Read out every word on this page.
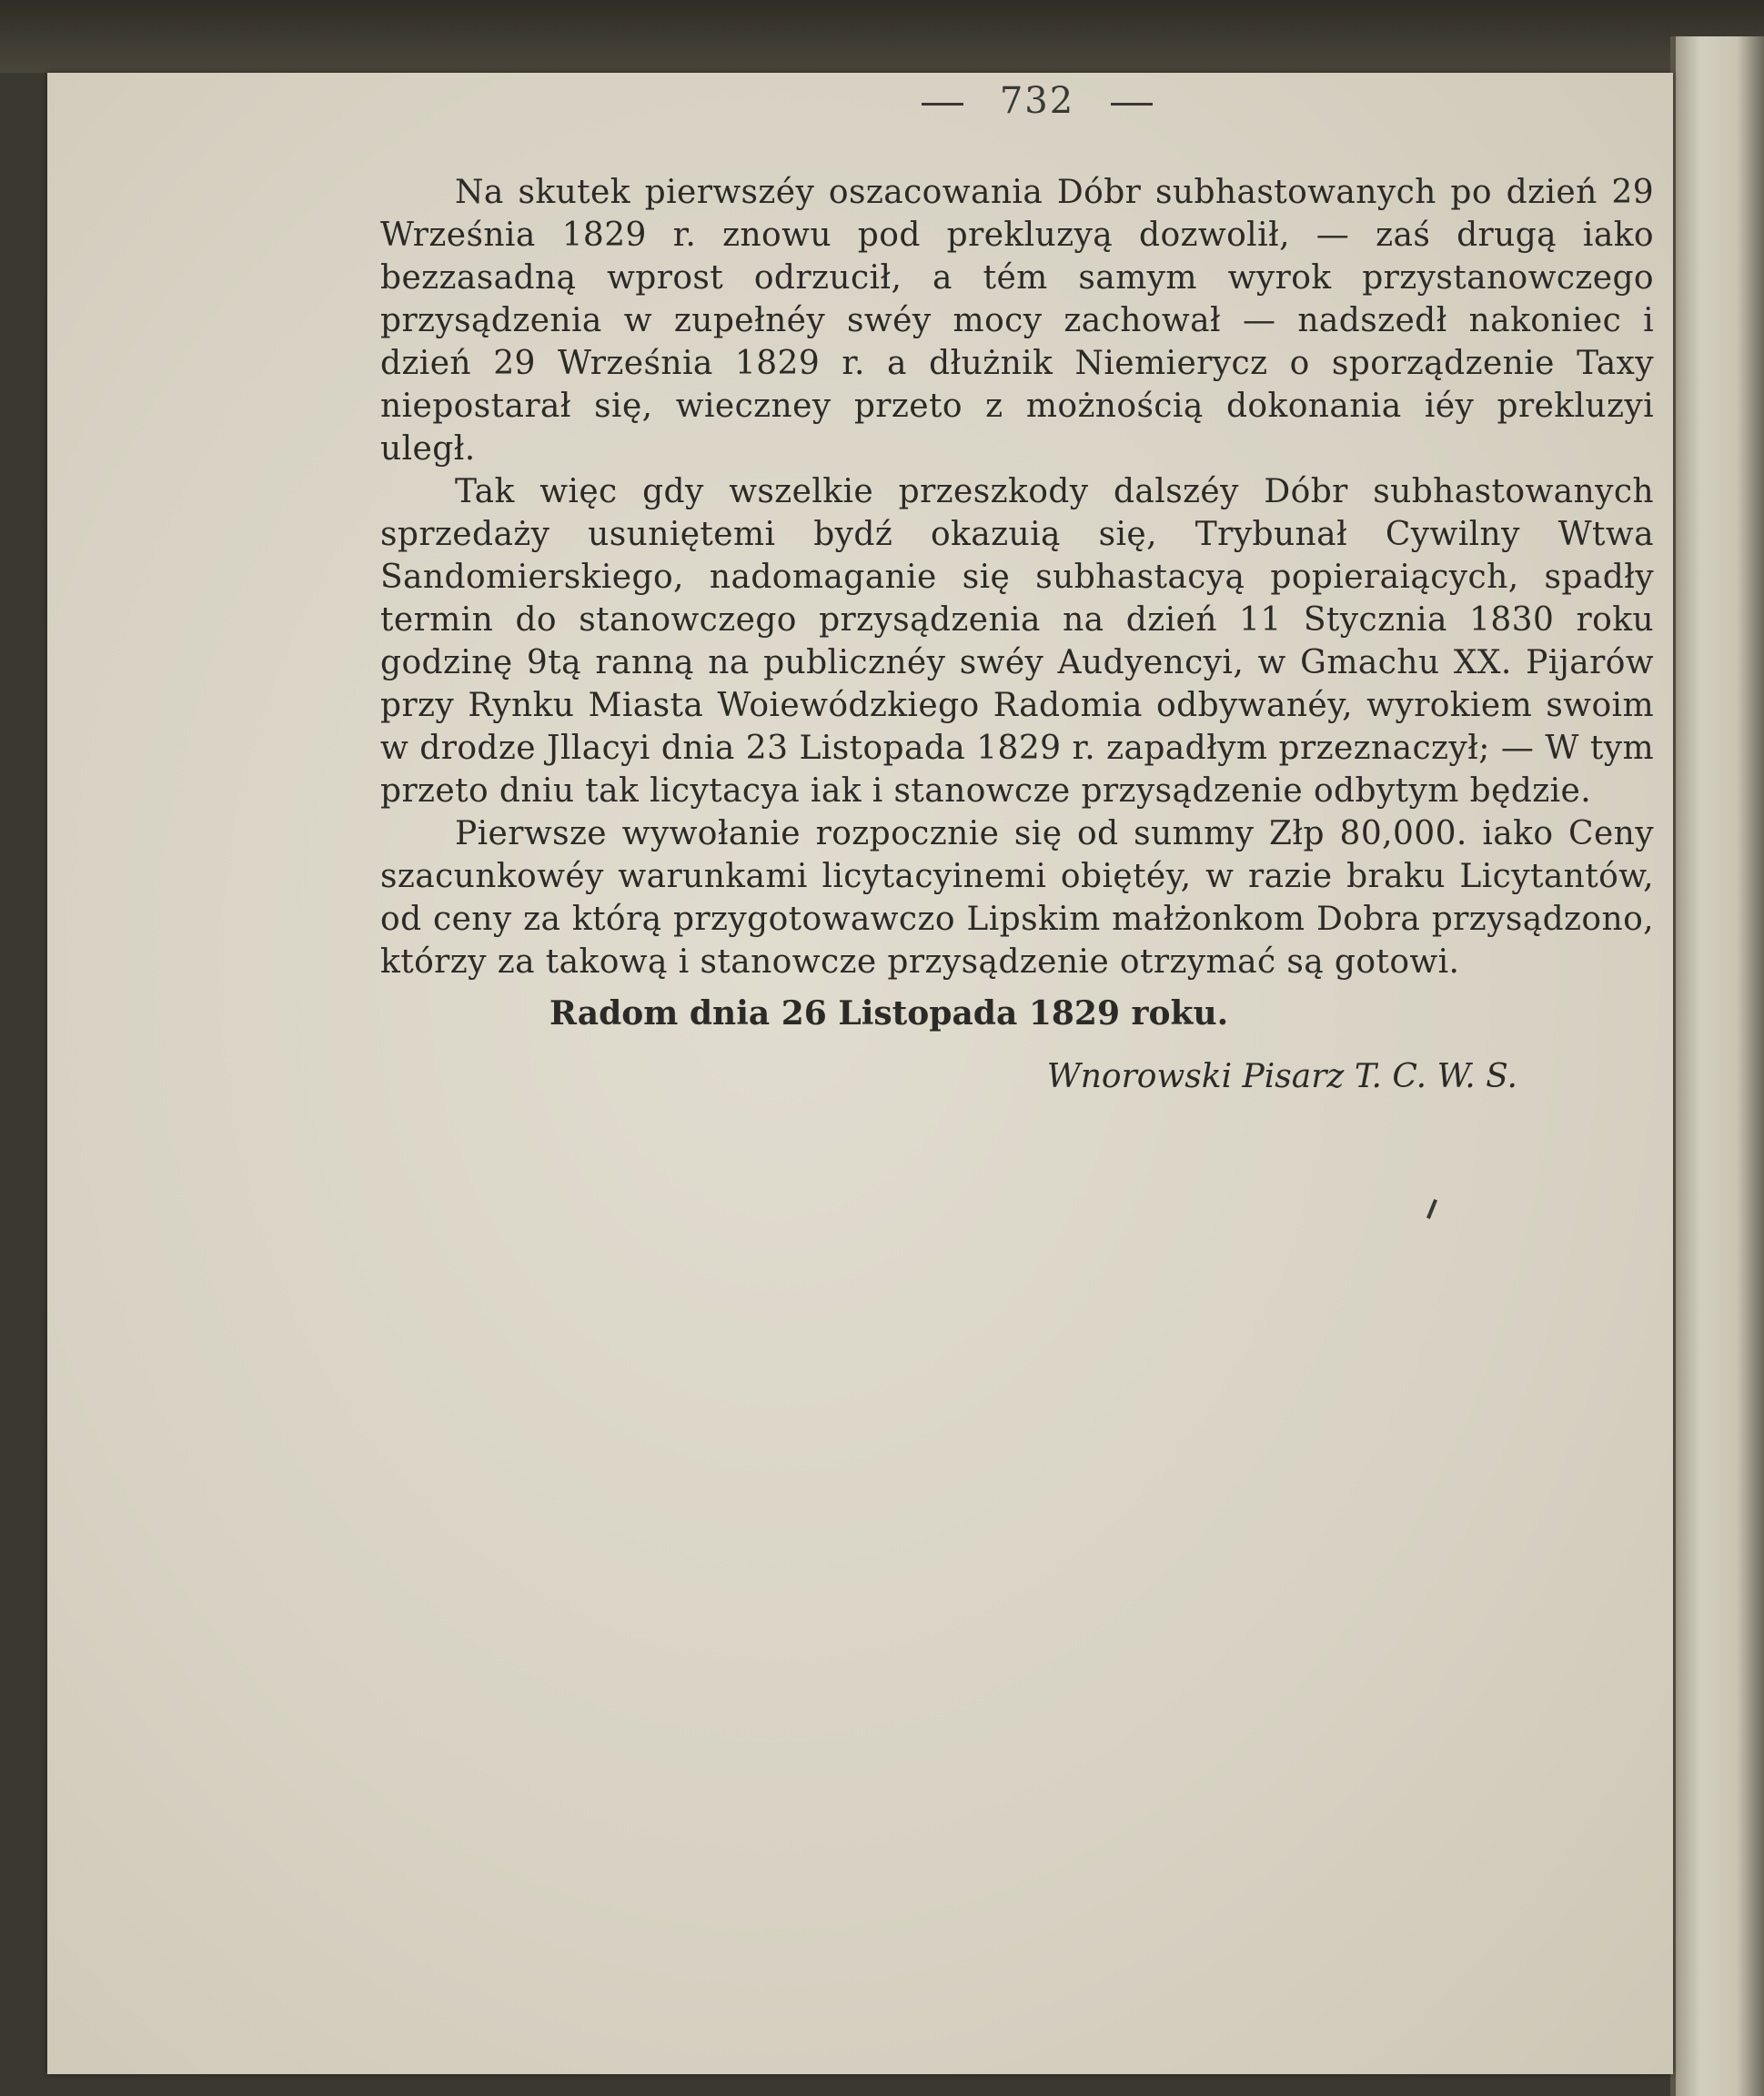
732

Na skutek pierwszéy oszacowania Dóbr subhastowanych po dzień 29 Września 1829 r. znowu pod prekluzyą dozwolił, — zaś drugą iako bezzasadną wprost odrzucił, a tém samym wyrok przystanowczego przysądzenia w zupełnéy swéy mocy zachował — nadszedł nakoniec i dzień 29 Września 1829 r. a dłużnik Niemierycz o sporządzenie Taxy niepostarał się, wieczney przeto z możnością dokonania iéy prekluzyi uległ.

Tak więc gdy wszelkie przeszkody dalszéy Dóbr subhastowanych sprzedaży usuniętemi bydź okazuią się, Trybunał Cywilny Wtwa Sandomierskiego, nadomaganie się subhastacyą popieraiących, spadły termin do stanowczego przysądzenia na dzień 11 Stycznia 1830 roku godzinę 9tą ranną na publicznéy swéy Audyencyi, w Gmachu XX. Pijarów przy Rynku Miasta Woiewódzkiego Radomia odbywanéy, wyrokiem swoim w drodze Jllacyi dnia 23 Listopada 1829 r. zapadłym przeznaczył; — W tym przeto dniu tak licytacya iak i stanowcze przysądzenie odbytym będzie.

Pierwsze wywołanie rozpocznie się od summy Złp 80,000. iako Ceny szacunkowéy warunkami licytacyinemi obiętéy, w razie braku Licytantów, od ceny za którą przygotowawczo Lipskim małżonkom Dobra przysądzono, którzy za takową i stanowcze przysądzenie otrzymać są gotowi.

Radom dnia 26 Listopada 1829 roku.

Wnorowski Pisarz T. C. W. S.
